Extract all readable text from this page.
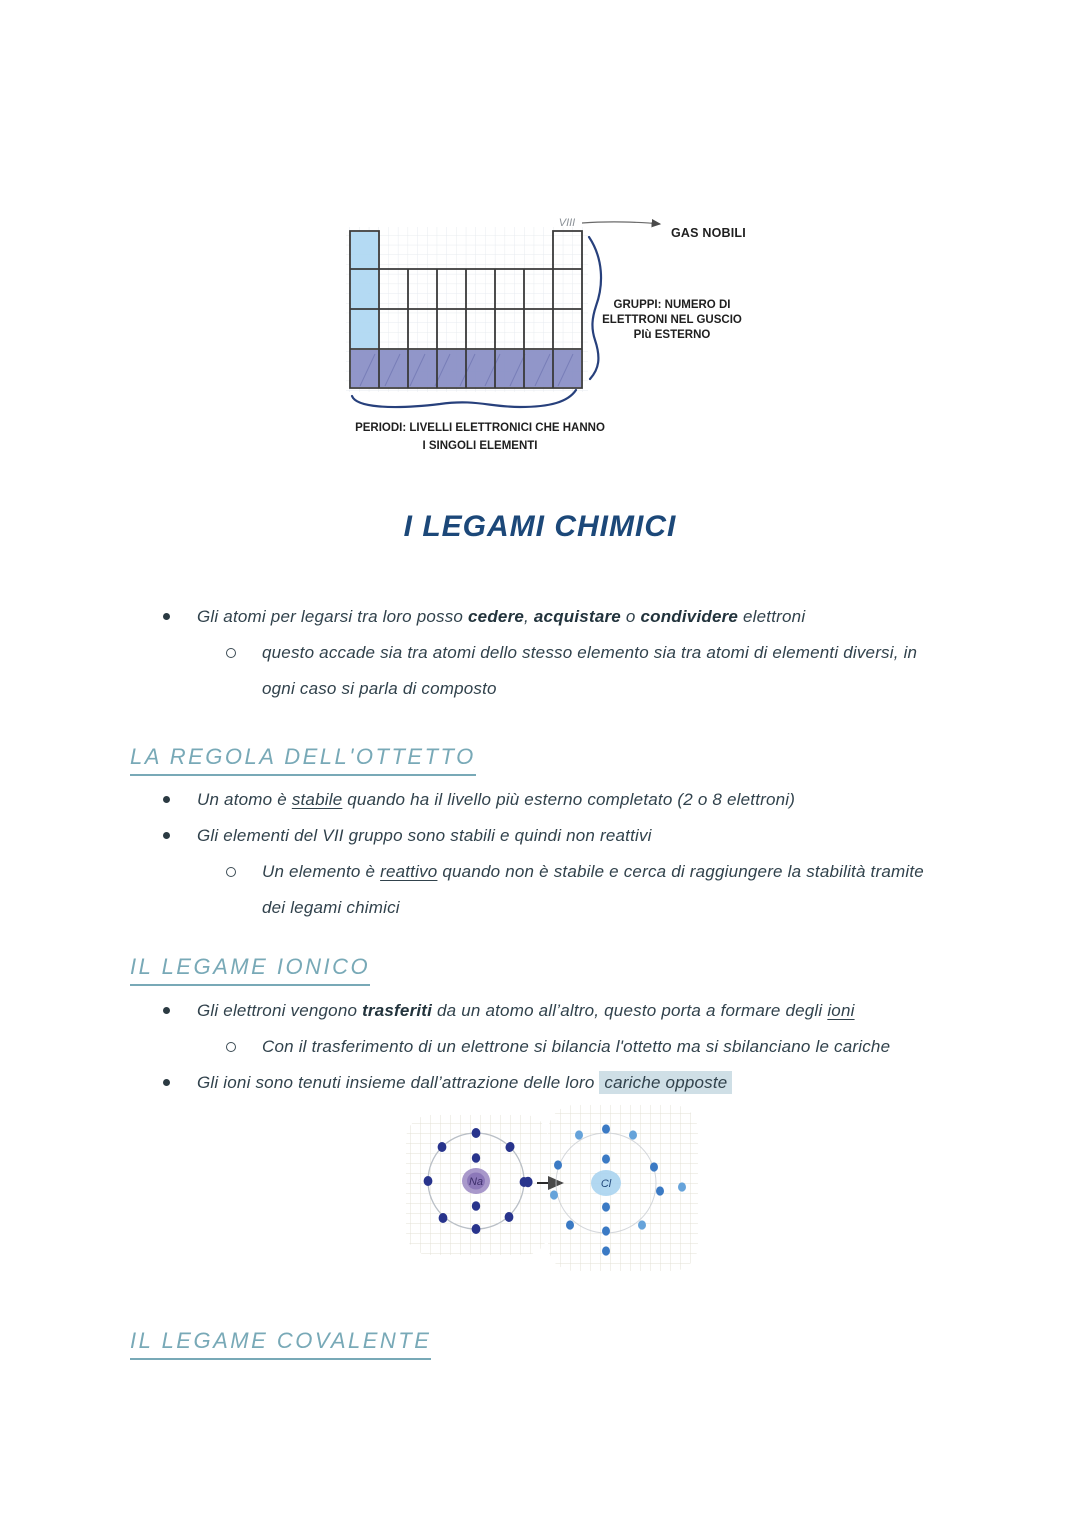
VIII
GAS NOBILI
GRUPPI: NUMERO DI
ELETTRONI NEL GUSCIO
PIù ESTERNO
PERIODI: LIVELLI ELETTRONICI CHE HANNO
I SINGOLI ELEMENTI
I LEGAMI CHIMICI
Gli atomi per legarsi tra loro posso cedere, acquistare o condividere elettroni
questo accade sia tra atomi dello stesso elemento sia tra atomi di elementi diversi, in
ogni caso si parla di composto
LA REGOLA DELL'OTTETTO
Un atomo è stabile quando ha il livello più esterno completato (2 o 8 elettroni)
Gli elementi del VII gruppo sono stabili e quindi non reattivi
Un elemento è reattivo quando non è stabile e cerca di raggiungere la stabilità tramite
dei legami chimici
IL LEGAME IONICO
Gli elettroni vengono trasferiti da un atomo all’altro, questo porta a formare degli ioni
Con il trasferimento di un elettrone si bilancia l'ottetto ma si sbilanciano le cariche
Gli ioni sono tenuti insieme dall’attrazione delle loro cariche opposte
Na	Cl
IL LEGAME COVALENTE
